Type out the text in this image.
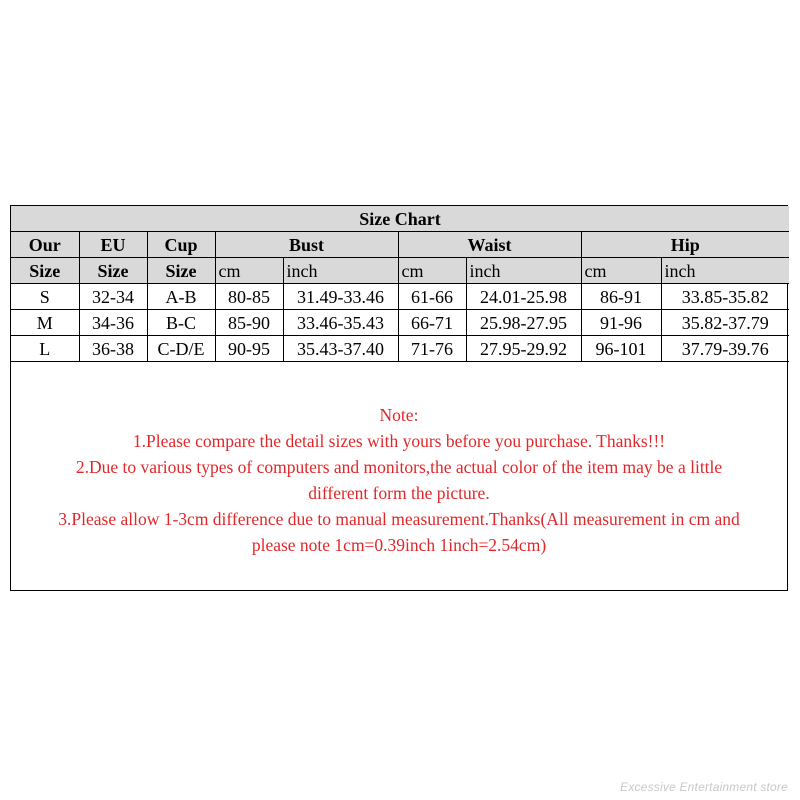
Size Chart								
Our	EU	Cup	Bust		Waist		Hip	
Size	Size	Size	cm	inch	cm	inch	cm	inch
S	32-34	A-B	80-85	31.49-33.46	61-66	24.01-25.98	86-91	33.85-35.82
M	34-36	B-C	85-90	33.46-35.43	66-71	25.98-27.95	91-96	35.82-37.79
L	36-38	C-D/E	90-95	35.43-37.40	71-76	27.95-29.92	96-101	37.79-39.76
Note:
1.Please compare the detail sizes with yours before you purchase. Thanks!!!
2.Due to various types of computers and monitors,the actual color of the item may be a little
different form the picture.
3.Please allow 1-3cm difference due to manual measurement.Thanks(All measurement in cm and
please note 1cm=0.39inch 1inch=2.54cm)
Excessive Entertainment store
